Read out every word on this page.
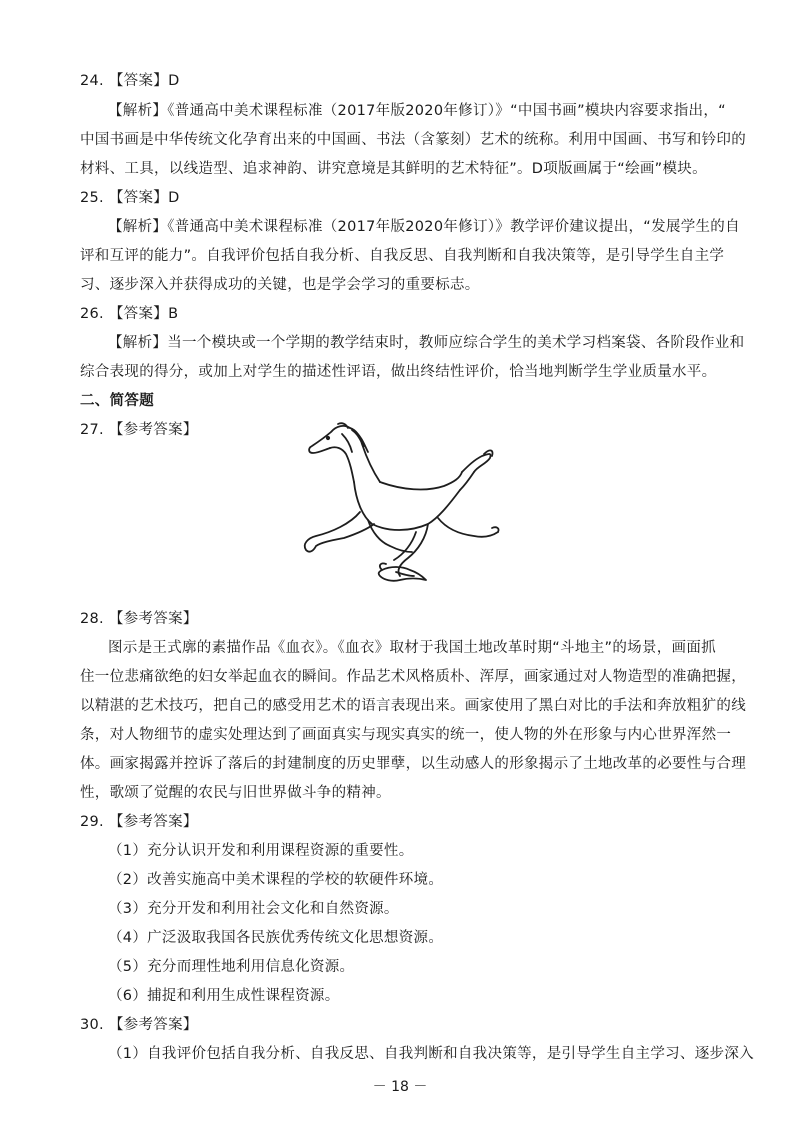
24. 【答案】D
【解析】《普通高中美术课程标准（2017年版2020年修订）》“中国书画”模块内容要求指出，“
中国书画是中华传统文化孕育出来的中国画、书法（含篆刻）艺术的统称。利用中国画、书写和钤印的
材料、工具，以线造型、追求神韵、讲究意境是其鲜明的艺术特征”。D项版画属于“绘画”模块。
25. 【答案】D
【解析】《普通高中美术课程标准（2017年版2020年修订）》教学评价建议提出，“发展学生的自
评和互评的能力”。自我评价包括自我分析、自我反思、自我判断和自我决策等，是引导学生自主学
习、逐步深入并获得成功的关键，也是学会学习的重要标志。
26. 【答案】B
【解析】当一个模块或一个学期的教学结束时，教师应综合学生的美术学习档案袋、各阶段作业和
综合表现的得分，或加上对学生的描述性评语，做出终结性评价，恰当地判断学生学业质量水平。
二、简答题
27. 【参考答案】
28. 【参考答案】
图示是王式廓的素描作品《血衣》。《血衣》取材于我国土地改革时期“斗地主”的场景，画面抓
住一位悲痛欲绝的妇女举起血衣的瞬间。作品艺术风格质朴、浑厚，画家通过对人物造型的准确把握，
以精湛的艺术技巧，把自己的感受用艺术的语言表现出来。画家使用了黑白对比的手法和奔放粗犷的线
条，对人物细节的虚实处理达到了画面真实与现实真实的统一，使人物的外在形象与内心世界浑然一
体。画家揭露并控诉了落后的封建制度的历史罪孽，以生动感人的形象揭示了土地改革的必要性与合理
性，歌颂了觉醒的农民与旧世界做斗争的精神。
29. 【参考答案】
（1）充分认识开发和利用课程资源的重要性。
（2）改善实施高中美术课程的学校的软硬件环境。
（3）充分开发和利用社会文化和自然资源。
（4）广泛汲取我国各民族优秀传统文化思想资源。
（5）充分而理性地利用信息化资源。
（6）捕捉和利用生成性课程资源。
30. 【参考答案】
（1）自我评价包括自我分析、自我反思、自我判断和自我决策等，是引导学生自主学习、逐步深入
－ 18 －
